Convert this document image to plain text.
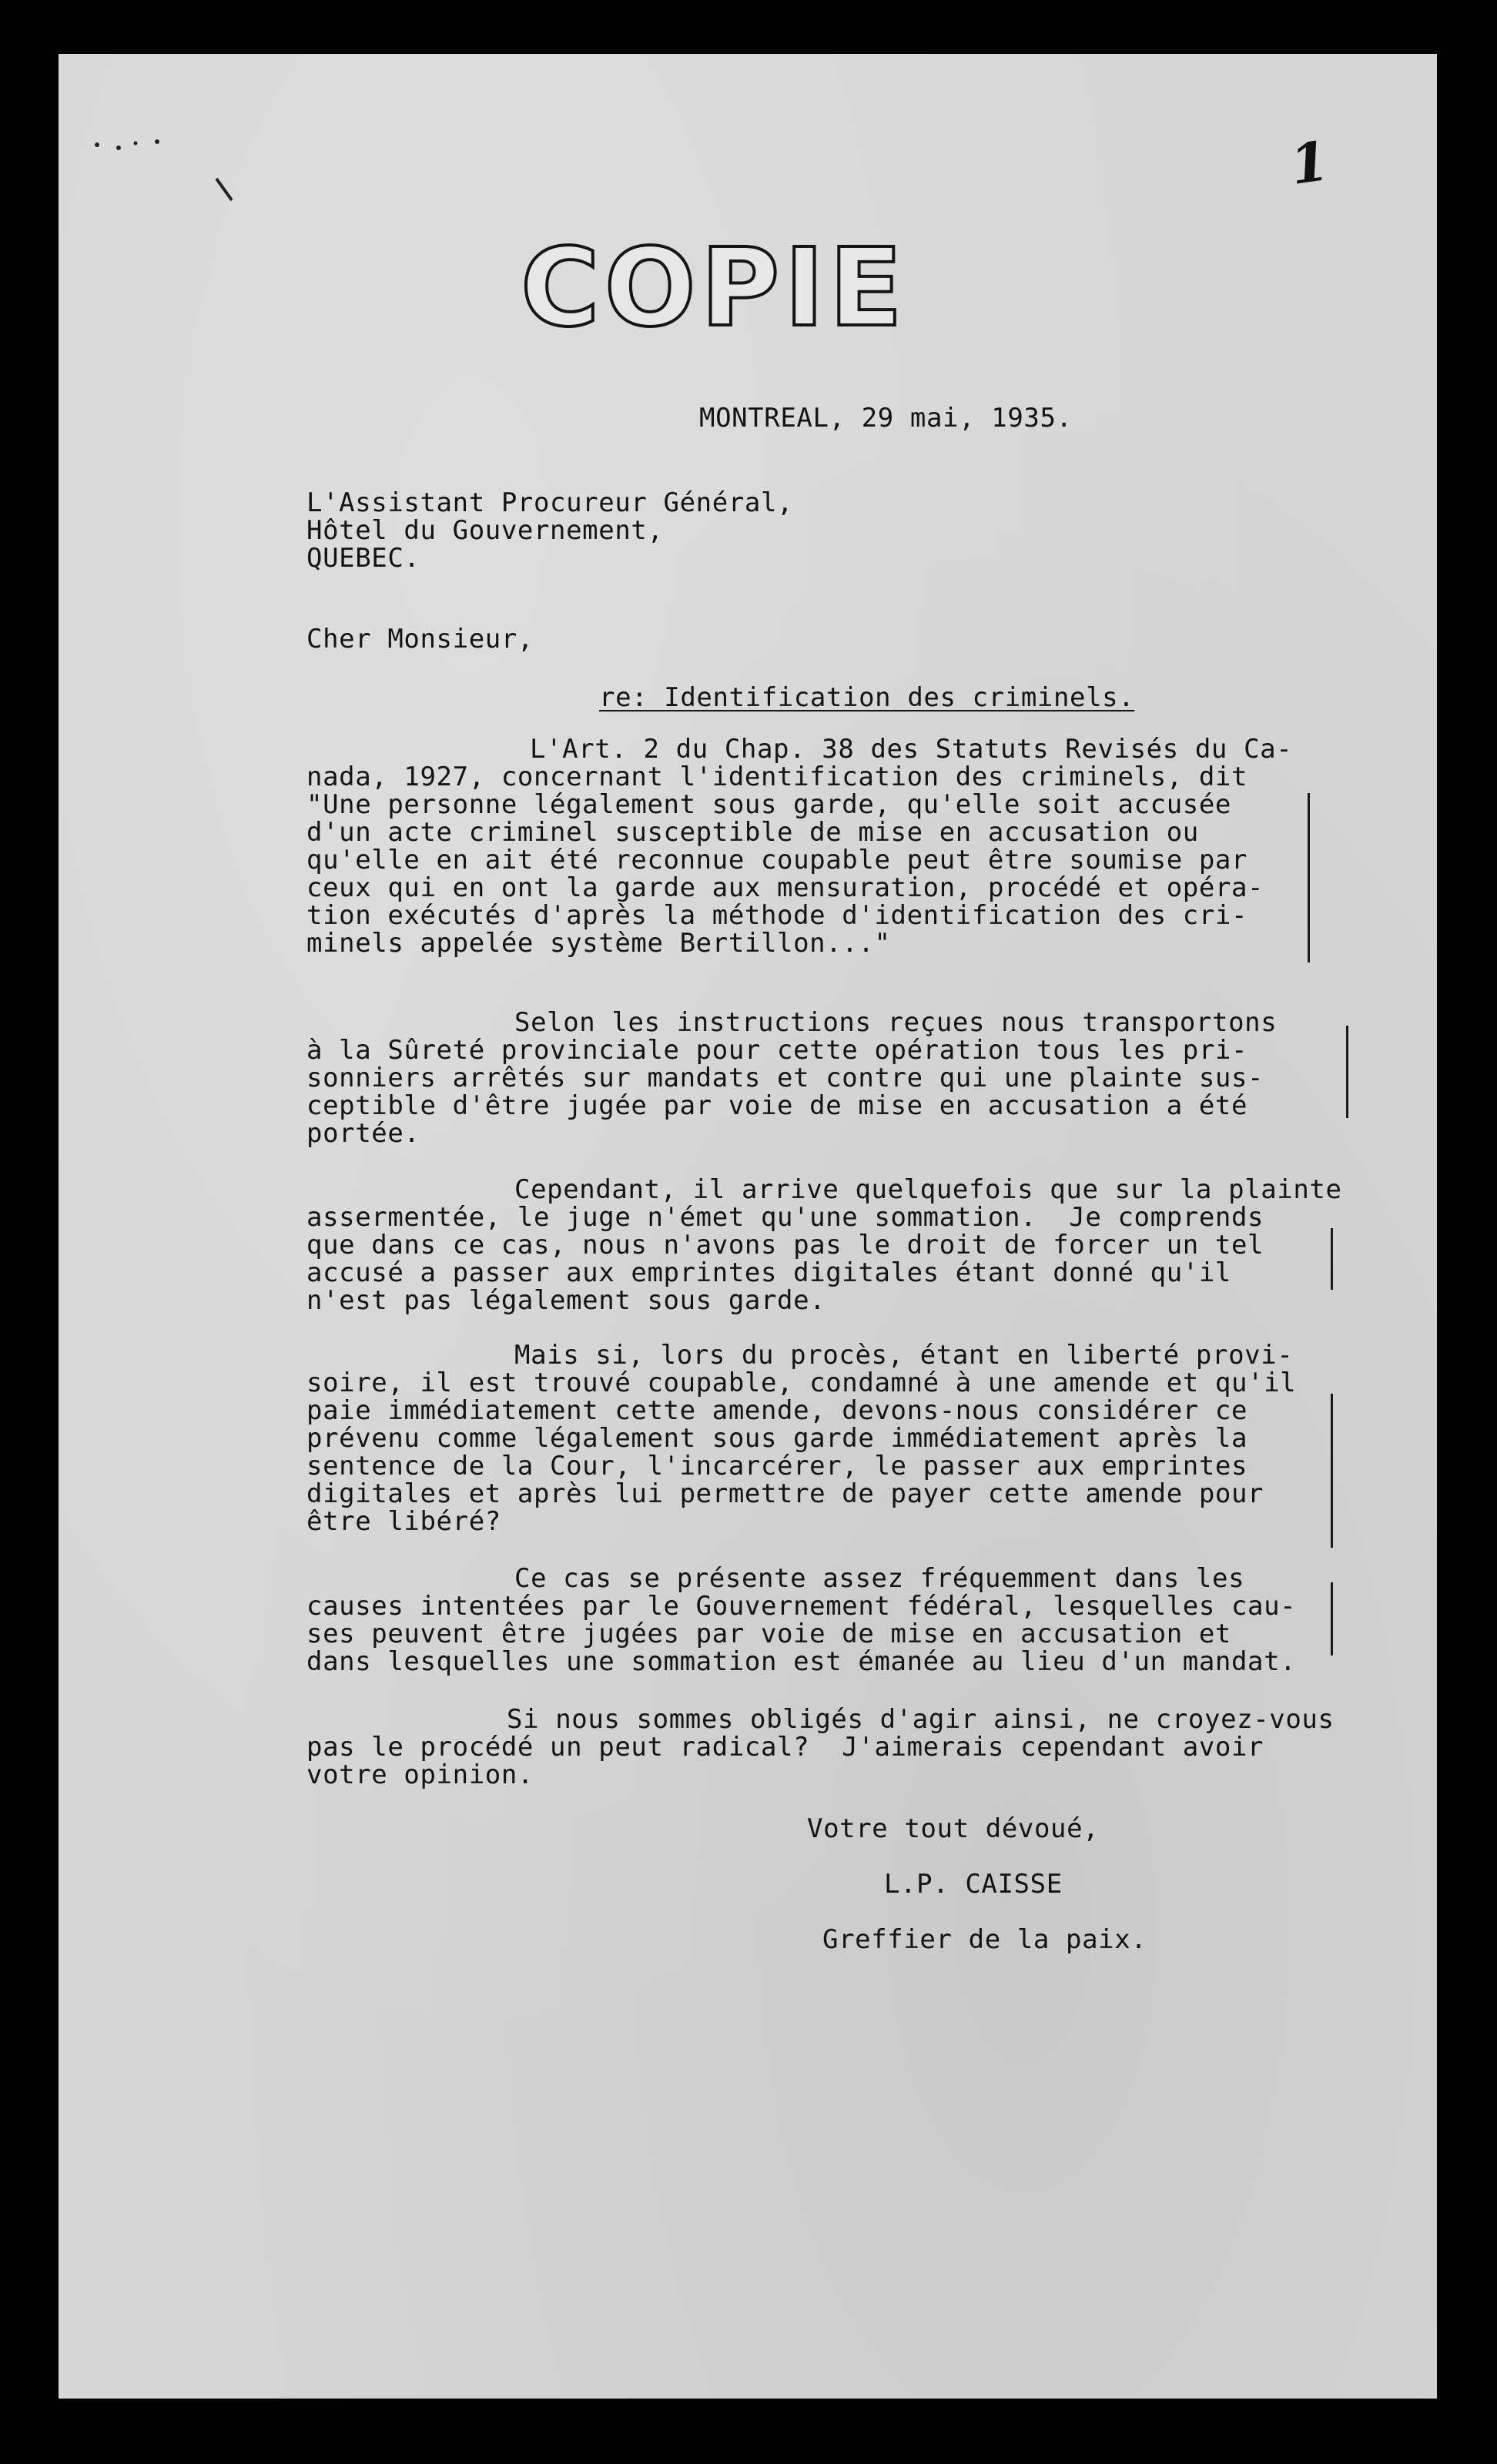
1
COPIE
MONTREAL, 29 mai, 1935.
L'Assistant Procureur Général,
Hôtel du Gouvernement,
QUEBEC.
Cher Monsieur,
re: Identification des criminels.
L'Art. 2 du Chap. 38 des Statuts Revisés du Ca-
nada, 1927, concernant l'identification des criminels, dit
"Une personne légalement sous garde, qu'elle soit accusée
d'un acte criminel susceptible de mise en accusation ou
qu'elle en ait été reconnue coupable peut être soumise par
ceux qui en ont la garde aux mensuration, procédé et opéra-
tion exécutés d'après la méthode d'identification des cri-
minels appelée système Bertillon..."
Selon les instructions reçues nous transportons
à la Sûreté provinciale pour cette opération tous les pri-
sonniers arrêtés sur mandats et contre qui une plainte sus-
ceptible d'être jugée par voie de mise en accusation a été
portée.
Cependant, il arrive quelquefois que sur la plainte
assermentée, le juge n'émet qu'une sommation.  Je comprends
que dans ce cas, nous n'avons pas le droit de forcer un tel
accusé a passer aux emprintes digitales étant donné qu'il
n'est pas légalement sous garde.
Mais si, lors du procès, étant en liberté provi-
soire, il est trouvé coupable, condamné à une amende et qu'il
paie immédiatement cette amende, devons-nous considérer ce
prévenu comme légalement sous garde immédiatement après la
sentence de la Cour, l'incarcérer, le passer aux emprintes
digitales et après lui permettre de payer cette amende pour
être libéré?
Ce cas se présente assez fréquemment dans les
causes intentées par le Gouvernement fédéral, lesquelles cau-
ses peuvent être jugées par voie de mise en accusation et
dans lesquelles une sommation est émanée au lieu d'un mandat.
Si nous sommes obligés d'agir ainsi, ne croyez-vous
pas le procédé un peut radical?  J'aimerais cependant avoir
votre opinion.
Votre tout dévoué,
L.P. CAISSE
Greffier de la paix.
